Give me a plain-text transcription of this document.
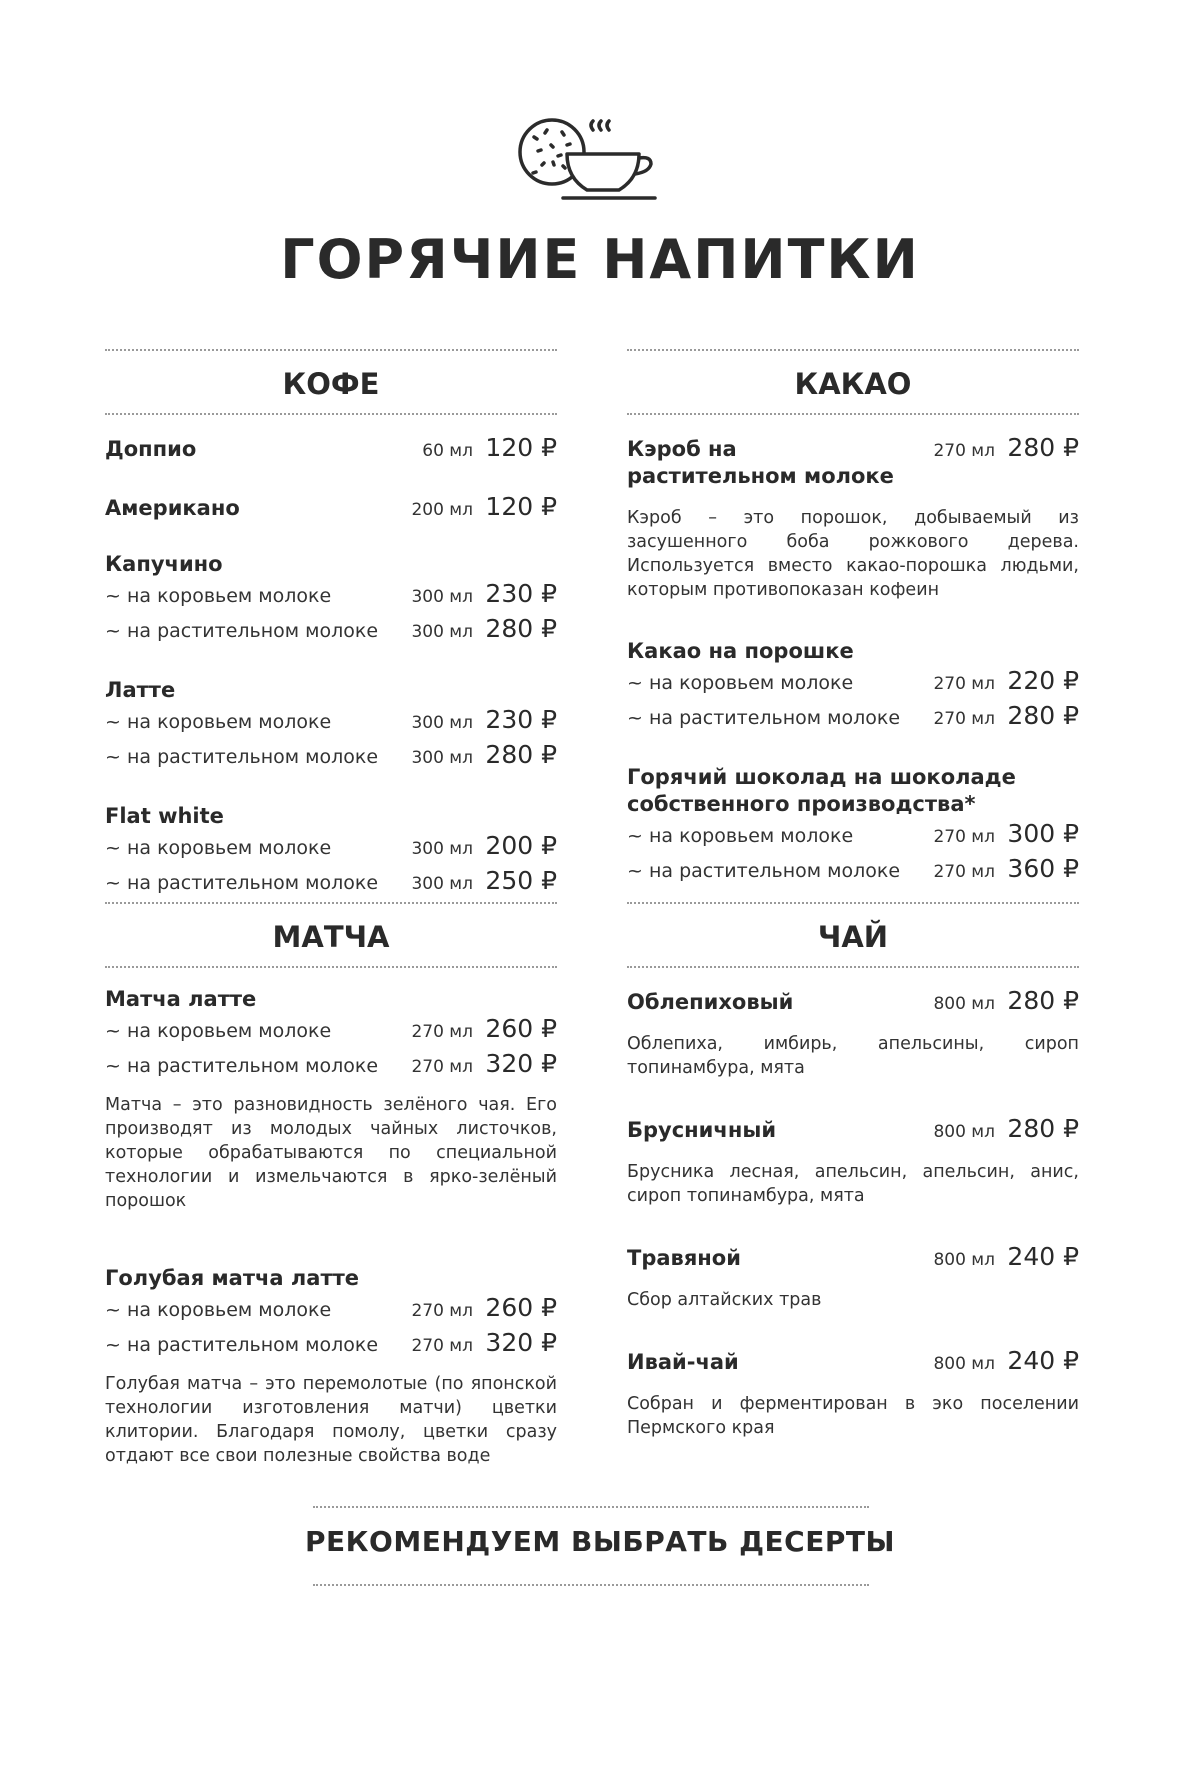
ГОРЯЧИЕ НАПИТКИ
КОФЕ
Доппио	60 мл 120 ₽
Американо	200 мл 120 ₽
Капучино
~ на коровьем молоке	300 мл 230 ₽
~ на растительном молоке	300 мл 280 ₽
Латте
~ на коровьем молоке	300 мл 230 ₽
~ на растительном молоке	300 мл 280 ₽
Flat white
~ на коровьем молоке	300 мл 200 ₽
~ на растительном молоке	300 мл 250 ₽
МАТЧА
Матча латте
~ на коровьем молоке	270 мл 260 ₽
~ на растительном молоке	270 мл 320 ₽
Матча – это разновидность зелёного чая. Его производят из молодых чайных листочков, которые обрабатываются по специальной технологии и измельчаются в ярко-зелёный порошок
Голубая матча латте
~ на коровьем молоке	270 мл 260 ₽
~ на растительном молоке	270 мл 320 ₽
Голубая матча – это перемолотые (по японской технологии изготовления матчи) цветки клитории. Благодаря помолу, цветки сразу отдают все свои полезные свойства воде
КАКАО
Кэроб на растительном молоке
270 мл 280 ₽
Кэроб – это порошок, добываемый из засушенного боба рожкового дерева. Используется вместо какао-порошка людьми, которым противопоказан кофеин
Какао на порошке
~ на коровьем молоке	270 мл 220 ₽
~ на растительном молоке	270 мл 280 ₽
Горячий шоколад на шоколаде собственного производства*
~ на коровьем молоке	270 мл 300 ₽
~ на растительном молоке	270 мл 360 ₽
ЧАЙ
Облепиховый	800 мл 280 ₽
Облепиха, имбирь, апельсины, сироп топинамбура, мята
Брусничный	800 мл 280 ₽
Брусника лесная, апельсин, апельсин, анис, сироп топинамбура, мята
Травяной	800 мл 240 ₽
Сбор алтайских трав
Ивай-чай	800 мл 240 ₽
Собран и ферментирован в эко поселении Пермского края
РЕКОМЕНДУЕМ ВЫБРАТЬ ДЕСЕРТЫ
